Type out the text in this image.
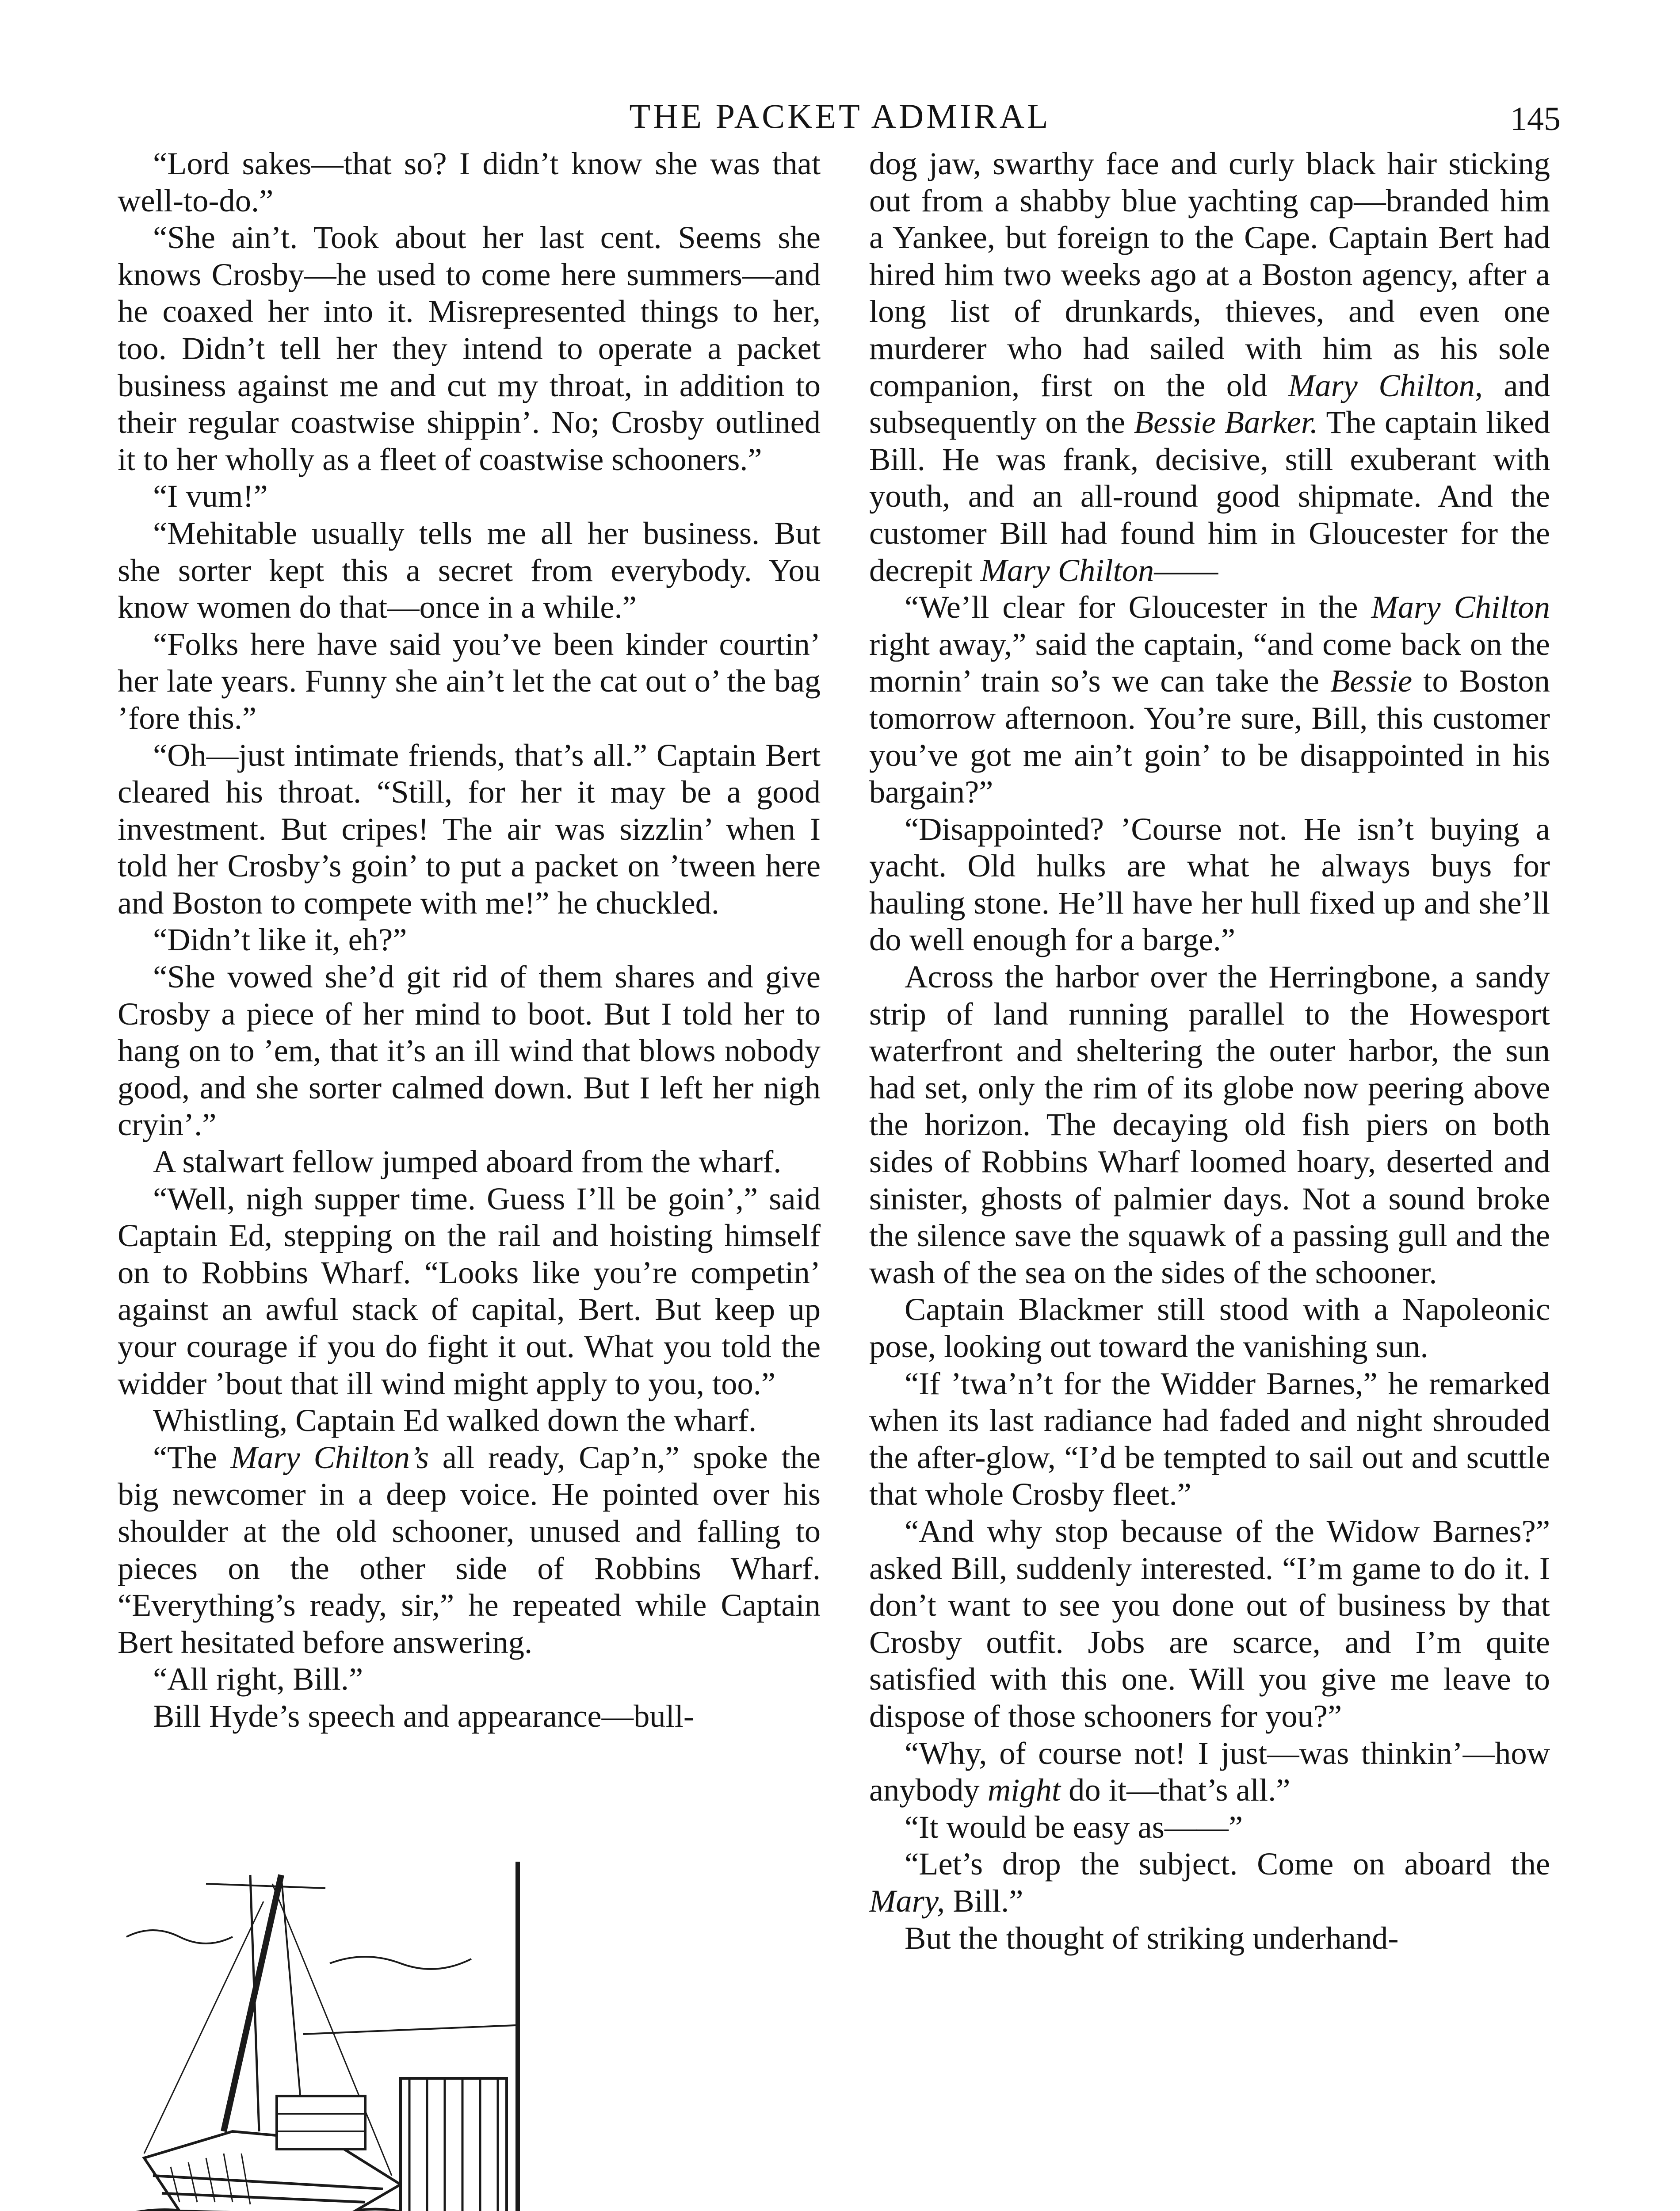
THE PACKET ADMIRAL	145

“Lord sakes—that so? I didn’t know she was that well-to-do.”

“She ain’t. Took about her last cent. Seems she knows Crosby—he used to come here summers—and he coaxed her into it. Misrepresented things to her, too. Didn’t tell her they intend to operate a packet business against me and cut my throat, in addition to their regular coastwise shippin’. No; Crosby outlined it to her wholly as a fleet of coastwise schooners.”

“I vum!”

“Mehitable usually tells me all her business. But she sorter kept this a secret from everybody. You know women do that—once in a while.”

“Folks here have said you’ve been kinder courtin’ her late years. Funny she ain’t let the cat out o’ the bag ’fore this.”

“Oh—just intimate friends, that’s all.” Captain Bert cleared his throat. “Still, for her it may be a good investment. But cripes! The air was sizzlin’ when I told her Crosby’s goin’ to put a packet on ’tween here and Boston to compete with me!” he chuckled.

“Didn’t like it, eh?”

“She vowed she’d git rid of them shares and give Crosby a piece of her mind to boot. But I told her to hang on to ’em, that it’s an ill wind that blows nobody good, and she sorter calmed down. But I left her nigh cryin’.”

A stalwart fellow jumped aboard from the wharf.

“Well, nigh supper time. Guess I’ll be goin’,” said Captain Ed, stepping on the rail and hoisting himself on to Robbins Wharf. “Looks like you’re competin’ against an awful stack of capital, Bert. But keep up your courage if you do fight it out. What you told the widder ’bout that ill wind might apply to you, too.”

Whistling, Captain Ed walked down the wharf.

“The Mary Chilton’s all ready, Cap’n,” spoke the big newcomer in a deep voice. He pointed over his shoulder at the old schooner, unused and falling to pieces on the other side of Robbins Wharf. “Everything’s ready, sir,” he repeated while Captain Bert hesitated before answering.

“All right, Bill.”

Bill Hyde’s speech and appearance—bull-

dog jaw, swarthy face and curly black hair sticking out from a shabby blue yachting cap—branded him a Yankee, but foreign to the Cape. Captain Bert had hired him two weeks ago at a Boston agency, after a long list of drunkards, thieves, and even one murderer who had sailed with him as his sole companion, first on the old Mary Chilton, and subsequently on the Bessie Barker. The captain liked Bill. He was frank, decisive, still exuberant with youth, and an all-round good shipmate. And the customer Bill had found him in Gloucester for the decrepit Mary Chilton——

“We’ll clear for Gloucester in the Mary Chilton right away,” said the captain, “and come back on the mornin’ train so’s we can take the Bessie to Boston tomorrow afternoon. You’re sure, Bill, this customer you’ve got me ain’t goin’ to be disappointed in his bargain?”

“Disappointed? ’Course not. He isn’t buying a yacht. Old hulks are what he always buys for hauling stone. He’ll have her hull fixed up and she’ll do well enough for a barge.”

Across the harbor over the Herringbone, a sandy strip of land running parallel to the Howesport waterfront and sheltering the outer harbor, the sun had set, only the rim of its globe now peering above the horizon. The decaying old fish piers on both sides of Robbins Wharf loomed hoary, deserted and sinister, ghosts of palmier days. Not a sound broke the silence save the squawk of a passing gull and the wash of the sea on the sides of the schooner.

Captain Blackmer still stood with a Napoleonic pose, looking out toward the vanishing sun.

“If ’twa’n’t for the Widder Barnes,” he remarked when its last radiance had faded and night shrouded the after-glow, “I’d be tempted to sail out and scuttle that whole Crosby fleet.”

“And why stop because of the Widow Barnes?” asked Bill, suddenly interested. “I’m game to do it. I don’t want to see you done out of business by that Crosby outfit. Jobs are scarce, and I’m quite satisfied with this one. Will you give me leave to dispose of those schooners for you?”

“Why, of course not! I just—was thinkin’—how anybody might do it—that’s all.”

“It would be easy as——”

“Let’s drop the subject. Come on aboard the Mary, Bill.”

But the thought of striking underhand-
